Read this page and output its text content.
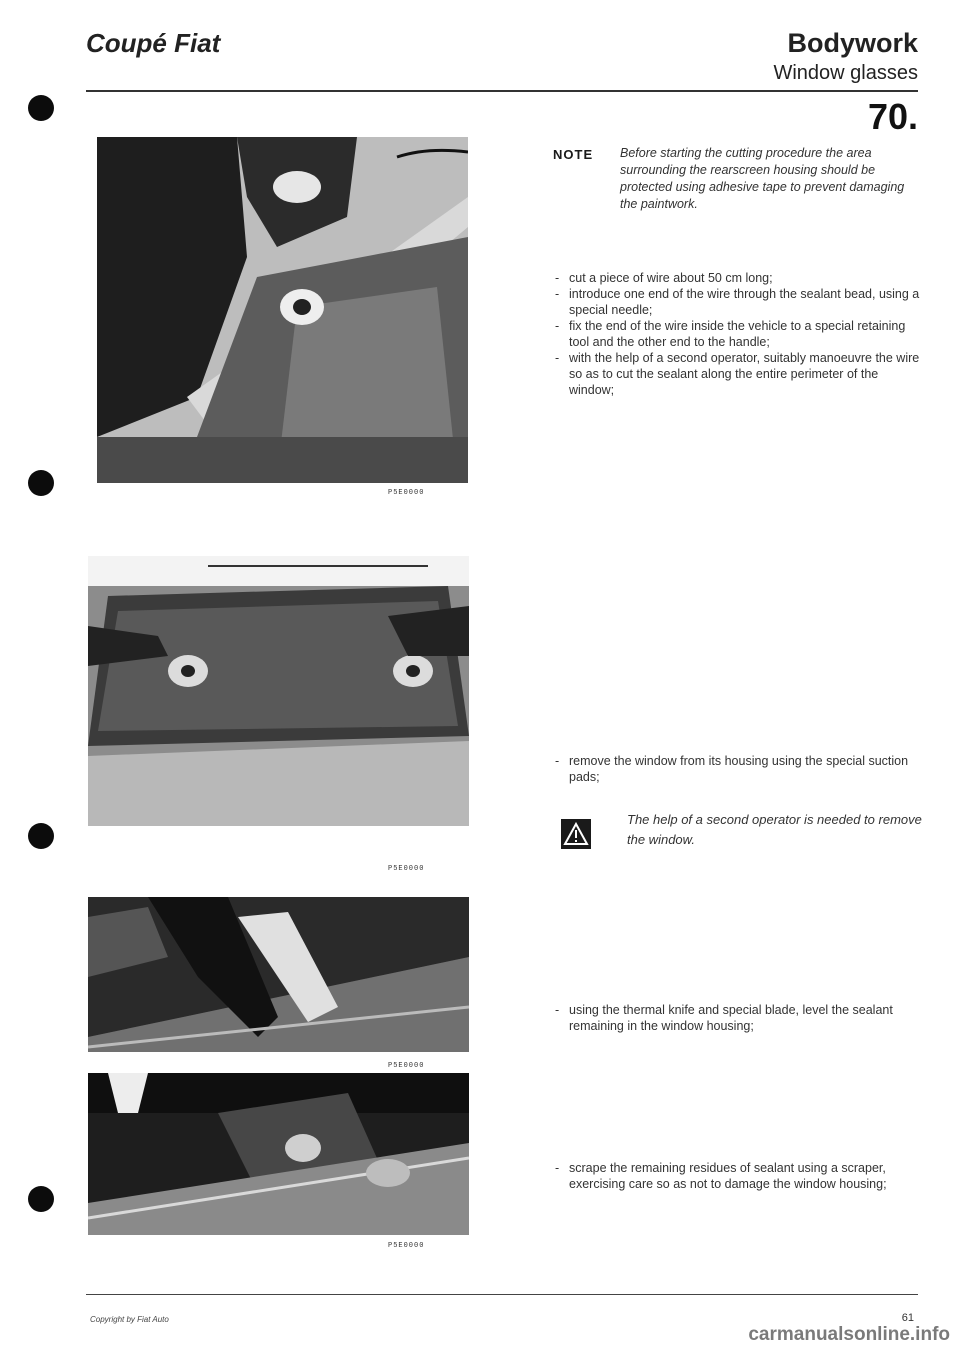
Coupé Fiat	Bodywork
Window glasses
70.
P5E0000
P5E0000
P5E0000
P5E0000
NOTE Before starting the cutting procedure the area surrounding the rearscreen housing should be protected using adhesive tape to prevent damaging the paintwork.
- cut a piece of wire about 50 cm long;
- introduce one end of the wire through the sealant bead, using a special needle;
- fix the end of the wire inside the vehicle to a special retaining tool and the other end to the handle;
- with the help of a second operator, suitably manoeuvre the wire so as to cut the sealant along the entire perimeter of the window;
- remove the window from its housing using the special suction pads;
The help of a second operator is needed to remove the window.
- using the thermal knife and special blade, level the sealant remaining in the window housing;
- scrape the remaining residues of sealant using a scraper, exercising care so as not to damage the window housing;
Copyright by Fiat Auto	61
carmanualsonline.info
